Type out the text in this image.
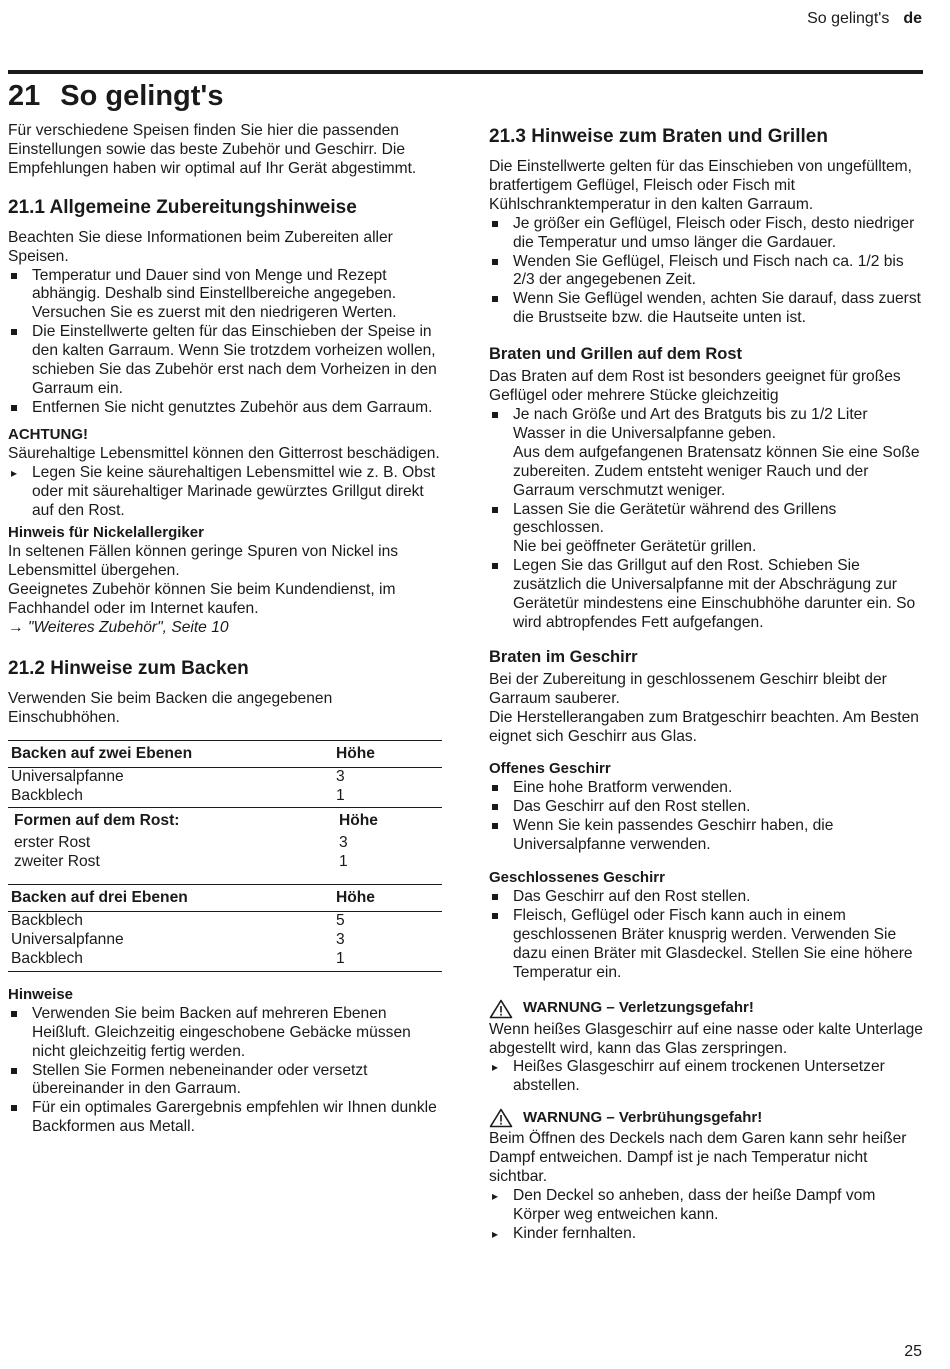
So gelingt's de
21 So gelingt's

Für verschiedene Speisen finden Sie hier die passenden Einstellungen sowie das beste Zubehör und Geschirr. Die Empfehlungen haben wir optimal auf Ihr Gerät abgestimmt.

21.1 Allgemeine Zubereitungshinweise

Beachten Sie diese Informationen beim Zubereiten aller Speisen.

Temperatur und Dauer sind von Menge und Rezept abhängig. Deshalb sind Einstellbereiche angegeben. Versuchen Sie es zuerst mit den niedrigeren Werten.
Die Einstellwerte gelten für das Einschieben der Speise in den kalten Garraum. Wenn Sie trotzdem vorheizen wollen, schieben Sie das Zubehör erst nach dem Vorheizen in den Garraum ein.
Entfernen Sie nicht genutztes Zubehör aus dem Garraum.
ACHTUNG!

Säurehaltige Lebensmittel können den Gitterrost beschädigen.

▸ Legen Sie keine säurehaltigen Lebensmittel wie z. B. Obst oder mit säurehaltiger Marinade gewürztes Grillgut direkt auf den Rost.
Hinweis für Nickelallergiker

In seltenen Fällen können geringe Spuren von Nickel ins Lebensmittel übergehen.

Geeignetes Zubehör können Sie beim Kundendienst, im Fachhandel oder im Internet kaufen.

→ "Weiteres Zubehör", Seite 10

21.2 Hinweise zum Backen

Verwenden Sie beim Backen die angegebenen Einschubhöhen.

Backen auf zwei Ebenen	Höhe
Universalpfanne	3
Backblech	1
Formen auf dem Rost:	Höhe
erster Rost	3
zweiter Rost	1

Backen auf drei Ebenen	Höhe
Backblech	5
Universalpfanne	3
Backblech	1
Hinweise
Verwenden Sie beim Backen auf mehreren Ebenen Heißluft. Gleichzeitig eingeschobene Gebäcke müssen nicht gleichzeitig fertig werden.
Stellen Sie Formen nebeneinander oder versetzt übereinander in den Garraum.
Für ein optimales Garergebnis empfehlen wir Ihnen dunkle Backformen aus Metall.
21.3 Hinweise zum Braten und Grillen

Die Einstellwerte gelten für das Einschieben von ungefülltem, bratfertigem Geflügel, Fleisch oder Fisch mit Kühlschranktemperatur in den kalten Garraum.

Je größer ein Geflügel, Fleisch oder Fisch, desto niedriger die Temperatur und umso länger die Gardauer.
Wenden Sie Geflügel, Fleisch und Fisch nach ca. 1/2 bis 2/3 der angegebenen Zeit.
Wenn Sie Geflügel wenden, achten Sie darauf, dass zuerst die Brustseite bzw. die Hautseite unten ist.
Braten und Grillen auf dem Rost

Das Braten auf dem Rost ist besonders geeignet für großes Geflügel oder mehrere Stücke gleichzeitig

Je nach Größe und Art des Bratguts bis zu 1/2 Liter Wasser in die Universalpfanne geben.
Aus dem aufgefangenen Bratensatz können Sie eine Soße zubereiten. Zudem entsteht weniger Rauch und der Garraum verschmutzt weniger.
Lassen Sie die Gerätetür während des Grillens geschlossen.
Nie bei geöffneter Gerätetür grillen.
Legen Sie das Grillgut auf den Rost. Schieben Sie zusätzlich die Universalpfanne mit der Abschrägung zur Gerätetür mindestens eine Einschubhöhe darunter ein. So wird abtropfendes Fett aufgefangen.
Braten im Geschirr

Bei der Zubereitung in geschlossenem Geschirr bleibt der Garraum sauberer.

Die Herstellerangaben zum Bratgeschirr beachten. Am Besten eignet sich Geschirr aus Glas.

Offenes Geschirr
Eine hohe Bratform verwenden.
Das Geschirr auf den Rost stellen.
Wenn Sie kein passendes Geschirr haben, die Universalpfanne verwenden.
Geschlossenes Geschirr
Das Geschirr auf den Rost stellen.
Fleisch, Geflügel oder Fisch kann auch in einem geschlossenen Bräter knusprig werden. Verwenden Sie dazu einen Bräter mit Glasdeckel. Stellen Sie eine höhere Temperatur ein.
WARNUNG – Verletzungsgefahr!

Wenn heißes Glasgeschirr auf eine nasse oder kalte Unterlage abgestellt wird, kann das Glas zerspringen.

▸ Heißes Glasgeschirr auf einem trockenen Untersetzer abstellen.
WARNUNG – Verbrühungsgefahr!

Beim Öffnen des Deckels nach dem Garen kann sehr heißer Dampf entweichen. Dampf ist je nach Temperatur nicht sichtbar.

▸ Den Deckel so anheben, dass der heiße Dampf vom Körper weg entweichen kann.
▸ Kinder fernhalten.
25
